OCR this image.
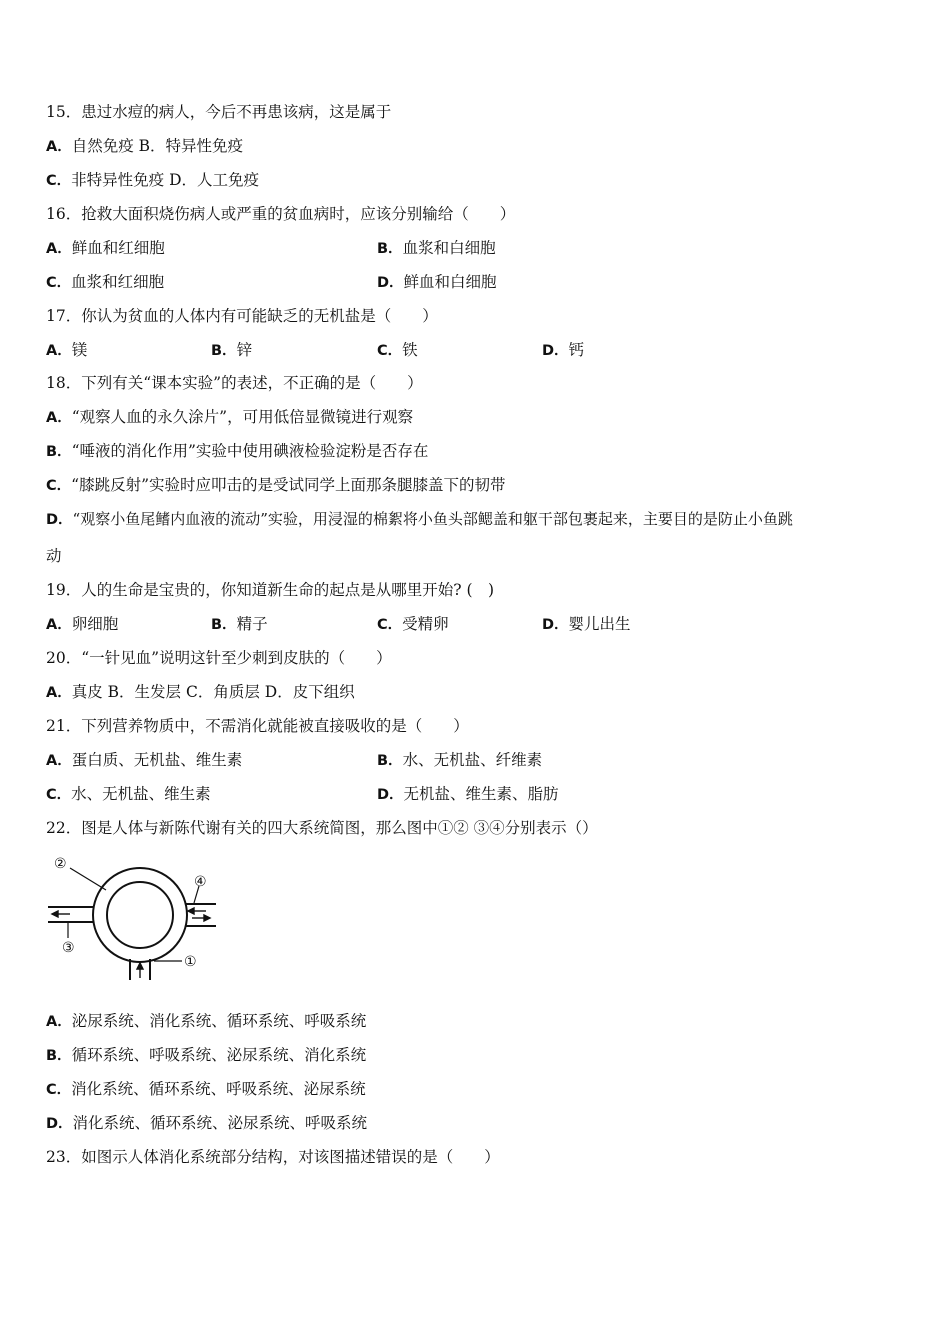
15．患过水痘的病人，今后不再患该病，这是属于
A．自然免疫 B．特异性免疫
C．非特异性免疫 D．人工免疫
16．抢救大面积烧伤病人或严重的贫血病时，应该分别输给（　　）
A．鲜血和红细胞	B．血浆和白细胞
C．血浆和红细胞	D．鲜血和白细胞
17．你认为贫血的人体内有可能缺乏的无机盐是（　　）
A．镁	B．锌	C．铁	D．钙
18．下列有关“课本实验”的表述，不正确的是（　　）
A．“观察人血的永久涂片”，可用低倍显微镜进行观察
B．“唾液的消化作用”实验中使用碘液检验淀粉是否存在
C．“膝跳反射”实验时应叩击的是受试同学上面那条腿膝盖下的韧带
D．“观察小鱼尾鳍内血液的流动”实验，用浸湿的棉絮将小鱼头部鳃盖和躯干部包裹起来，主要目的是防止小鱼跳
动
19．人的生命是宝贵的，你知道新生命的起点是从哪里开始? (　)
A．卵细胞	B．精子	C．受精卵	D．婴儿出生
20．“一针见血”说明这针至少刺到皮肤的（　　）
A．真皮 B．生发层 C．角质层 D．皮下组织
21．下列营养物质中，不需消化就能被直接吸收的是（　　）
A．蛋白质、无机盐、维生素	B．水、无机盐、纤维素
C．水、无机盐、维生素	D．无机盐、维生素、脂肪
22．图是人体与新陈代谢有关的四大系统简图，那么图中①② ③④分别表示（）
②
④
③
①
A．泌尿系统、消化系统、循环系统、呼吸系统
B．循环系统、呼吸系统、泌尿系统、消化系统
C．消化系统、循环系统、呼吸系统、泌尿系统
D．消化系统、循环系统、泌尿系统、呼吸系统
23．如图示人体消化系统部分结构，对该图描述错误的是（　　）
